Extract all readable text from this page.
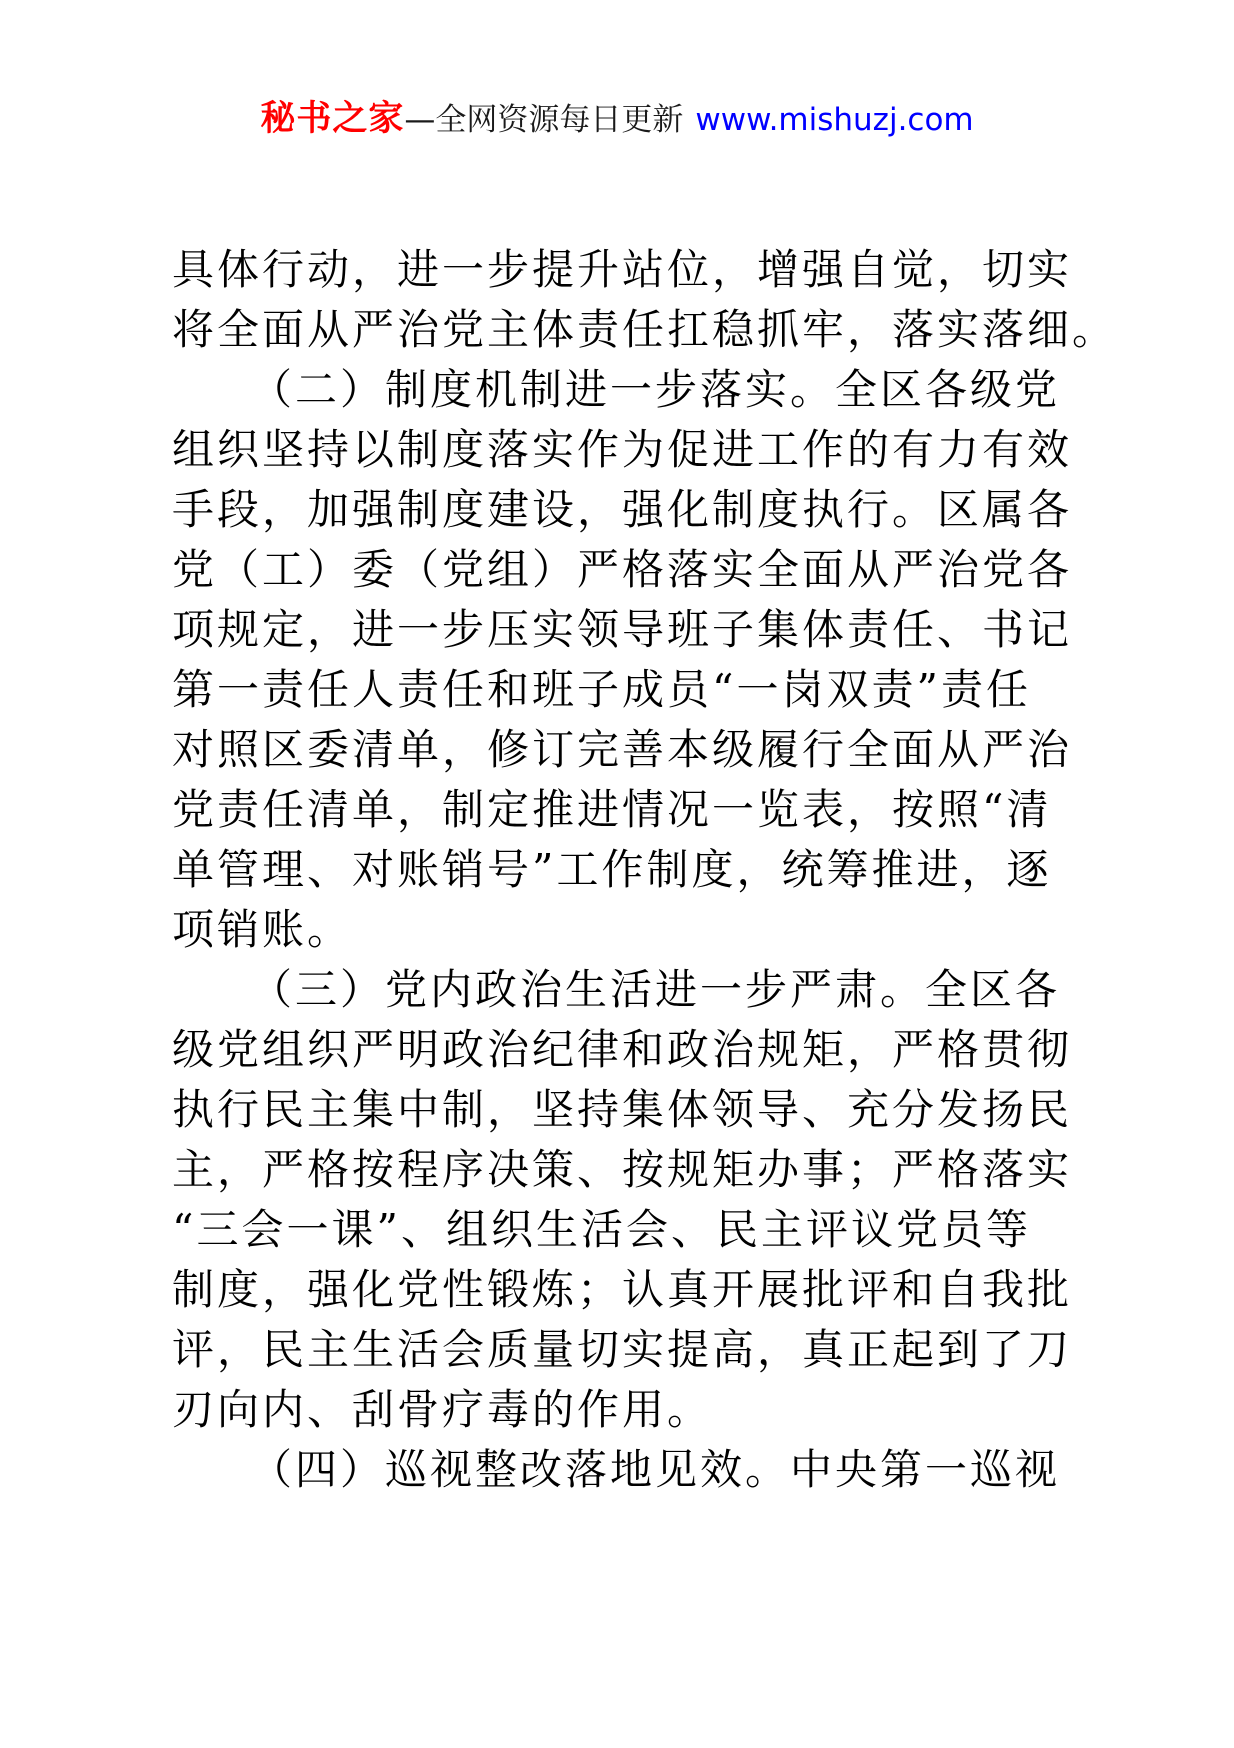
秘书之家—全网资源每日更新 www.mishuzj.com
具体行动，进一步提升站位，增强自觉，切实
将全面从严治党主体责任扛稳抓牢，落实落细。
（二）制度机制进一步落实。全区各级党
组织坚持以制度落实作为促进工作的有力有效
手段，加强制度建设，强化制度执行。区属各
党（工）委（党组）严格落实全面从严治党各
项规定，进一步压实领导班子集体责任、书记
第一责任人责任和班子成员“一岗双责”责任
对照区委清单，修订完善本级履行全面从严治
党责任清单，制定推进情况一览表，按照“清
单管理、对账销号”工作制度，统筹推进，逐
项销账。
（三）党内政治生活进一步严肃。全区各
级党组织严明政治纪律和政治规矩，严格贯彻
执行民主集中制，坚持集体领导、充分发扬民
主，严格按程序决策、按规矩办事；严格落实
“三会一课”、组织生活会、民主评议党员等
制度，强化党性锻炼；认真开展批评和自我批
评，民主生活会质量切实提高，真正起到了刀
刃向内、刮骨疗毒的作用。
（四）巡视整改落地见效。中央第一巡视
